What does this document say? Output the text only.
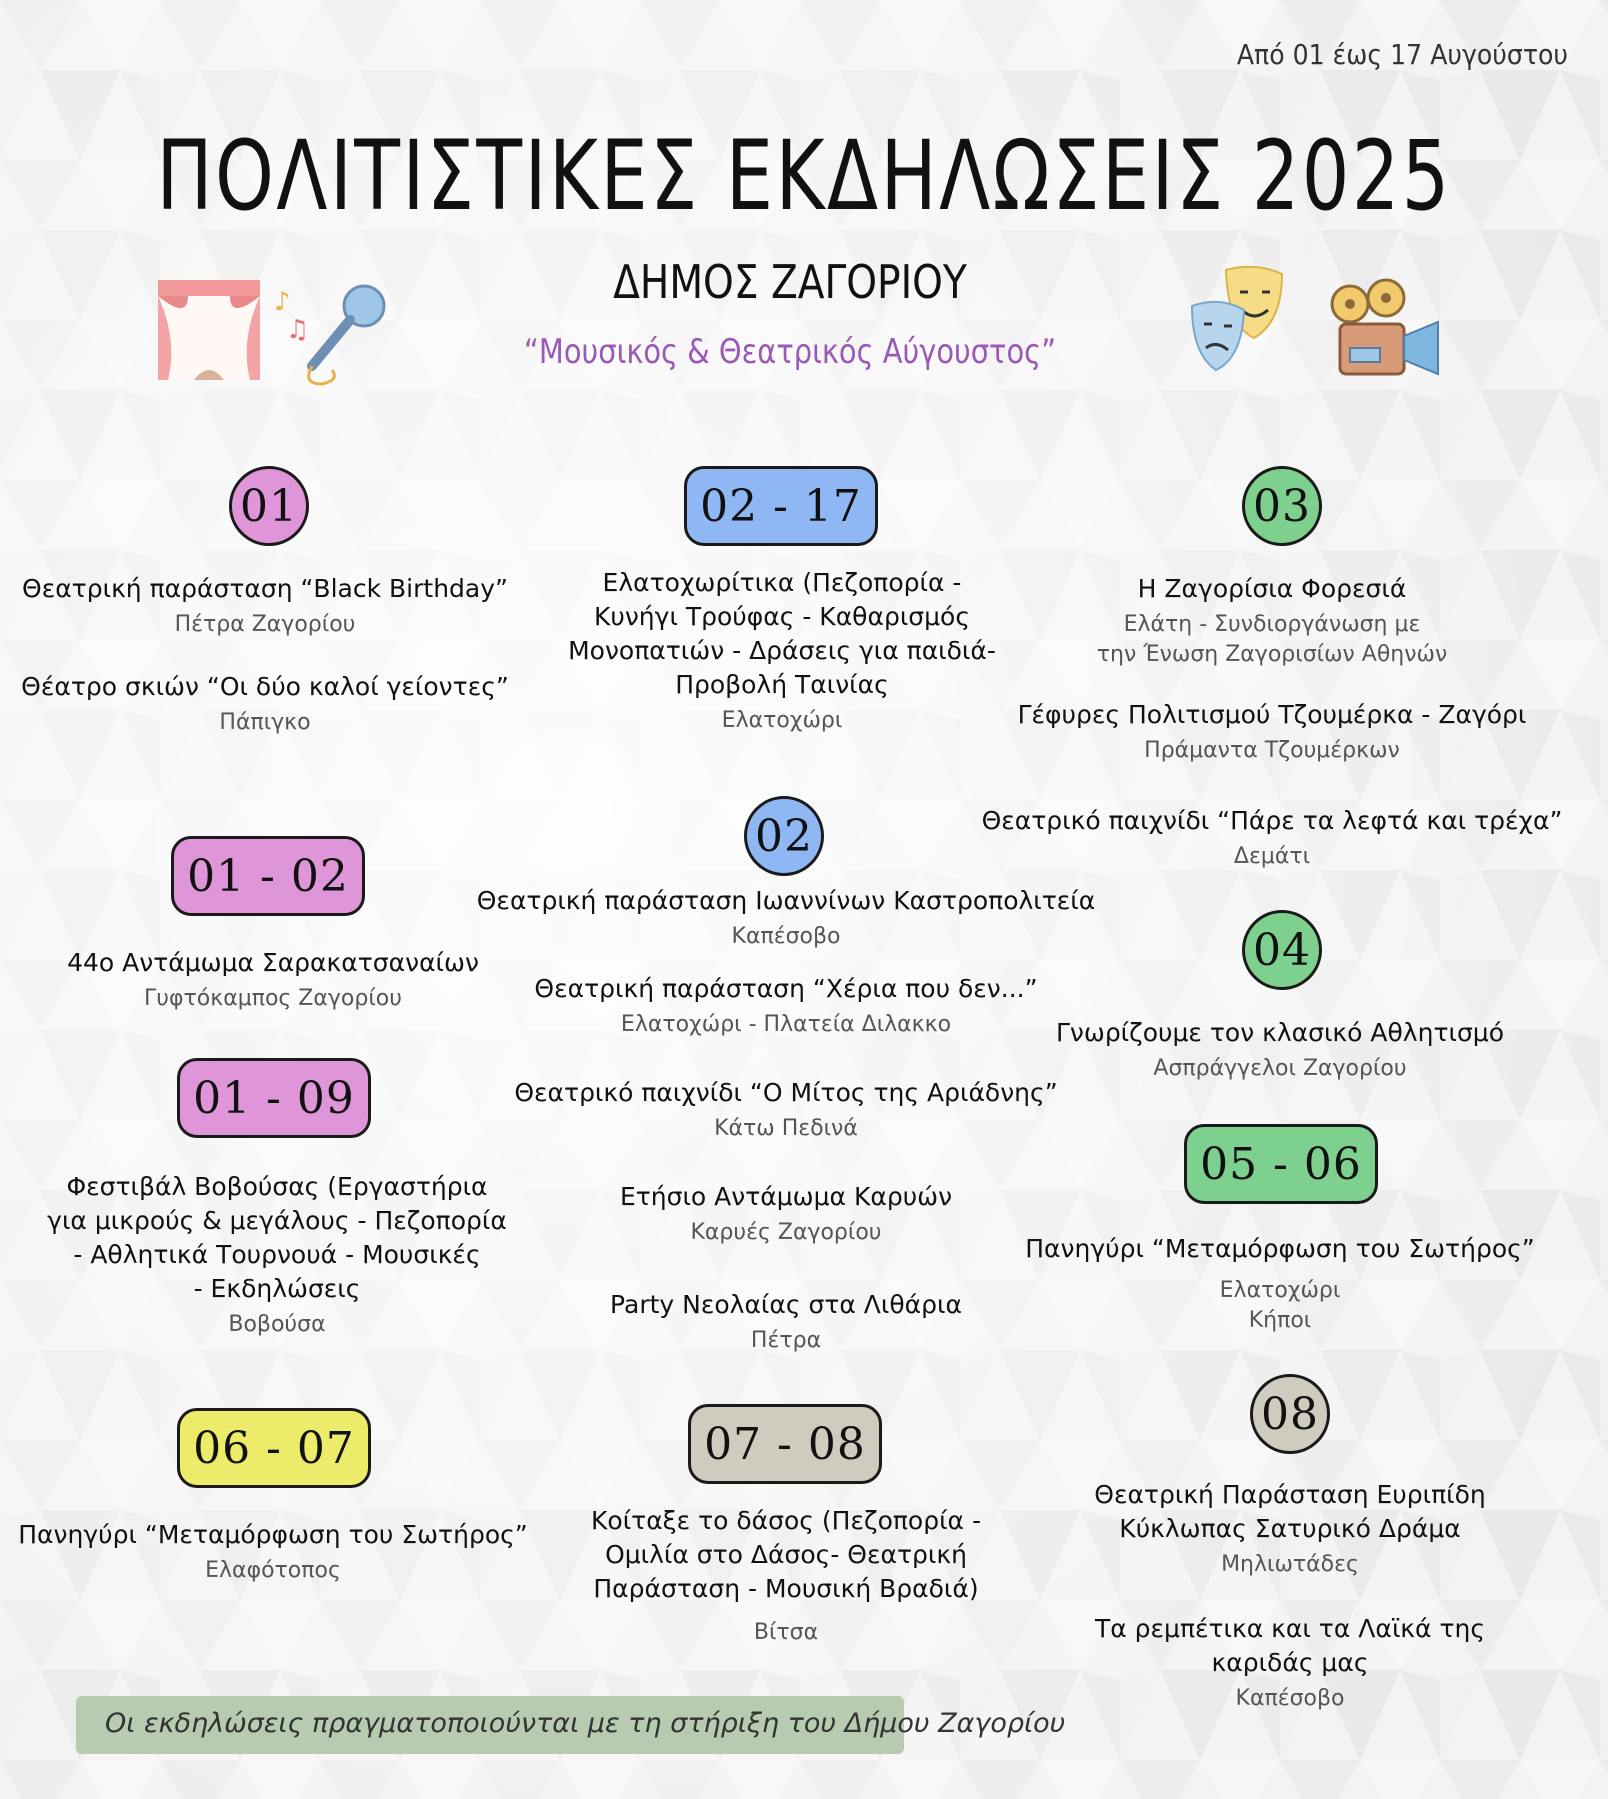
Από 01 έως 17 Αυγούστου
ΠΟΛΙΤΙΣΤΙΚΕΣ ΕΚΔΗΛΩΣΕΙΣ 2025
ΔΗΜΟΣ ΖΑΓΟΡΙΟΥ
“Μουσικός & Θεατρικός Αύγουστος”
♪
♫
01
Θεατρική παράσταση “Black Birthday”
Πέτρα Ζαγορίου
Θέατρο σκιών “Οι δύο καλοί γείοντες”
Πάπιγκο
01 - 02
44ο Αντάμωμα Σαρακατσαναίων
Γυφτόκαμπος Ζαγορίου
01 - 09
Φεστιβάλ Βοβούσας (Εργαστήρια
για μικρούς & μεγάλους - Πεζοπορία
- Αθλητικά Τουρνουά - Μουσικές
- Εκδηλώσεις
Βοβούσα
06 - 07
Πανηγύρι “Μεταμόρφωση του Σωτήρος”
Ελαφότοπος
02 - 17
Ελατοχωρίτικα (Πεζοπορία -
Κυνήγι Τρούφας - Καθαρισμός
Μονοπατιών - Δράσεις για παιδιά-
Προβολή Ταινίας
Ελατοχώρι
02
Θεατρική παράσταση Ιωαννίνων Καστροπολιτεία
Καπέσοβο
Θεατρική παράσταση “Χέρια που δεν...”
Ελατοχώρι - Πλατεία Διλακκο
Θεατρικό παιχνίδι “Ο Μίτος της Αριάδνης”
Κάτω Πεδινά
Ετήσιο Αντάμωμα Καρυών
Καρυές Ζαγορίου
Party Νεολαίας στα Λιθάρια
Πέτρα
07 - 08
Κοίταξε το δάσος (Πεζοπορία -
Ομιλία στο Δάσος- Θεατρική
Παράσταση - Μουσική Βραδιά)
Βίτσα
03
Η Ζαγορίσια Φορεσιά
Ελάτη - Συνδιοργάνωση με
την Ένωση Ζαγορισίων Αθηνών
Γέφυρες Πολιτισμού Τζουμέρκα - Ζαγόρι
Πράμαντα Τζουμέρκων
Θεατρικό παιχνίδι “Πάρε τα λεφτά και τρέχα”
Δεμάτι
04
Γνωρίζουμε τον κλασικό Αθλητισμό
Ασπράγγελοι Ζαγορίου
05 - 06
Πανηγύρι “Μεταμόρφωση του Σωτήρος”
Ελατοχώρι
Κήποι
08
Θεατρική Παράσταση Ευριπίδη
Κύκλωπας Σατυρικό Δράμα
Μηλιωτάδες
Τα ρεμπέτικα και τα Λαϊκά της
καριδάς μας
Καπέσοβο
Οι εκδηλώσεις πραγματοποιούνται με τη στήριξη του Δήμου Ζαγορίου
